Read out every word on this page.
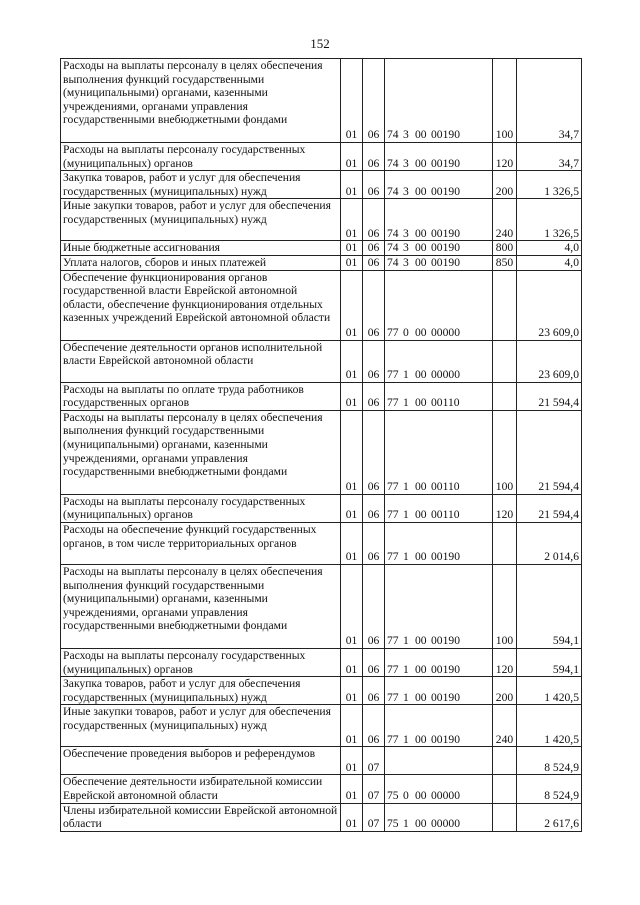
152
Расходы на выплаты персоналу в целях обеспечения выполнения функций государственными (муниципальными) органами, казенными учреждениями, органами управления государственными внебюджетными фондами	01	06	74 3 00 00190	100	34,7
Расходы на выплаты персоналу государственных (муниципальных) органов	01	06	74 3 00 00190	120	34,7
Закупка товаров, работ и услуг для обеспечения государственных (муниципальных) нужд	01	06	74 3 00 00190	200	1 326,5
Иные закупки товаров, работ и услуг для обеспечения государственных (муниципальных) нужд	01	06	74 3 00 00190	240	1 326,5
Иные бюджетные ассигнования	01	06	74 3 00 00190	800	4,0
Уплата налогов, сборов и иных платежей	01	06	74 3 00 00190	850	4,0
Обеспечение функционирования органов государственной власти Еврейской автономной области, обеспечение функционирования отдельных казенных учреждений Еврейской автономной области	01	06	77 0 00 00000		23 609,0
Обеспечение деятельности органов исполнительной власти Еврейской автономной области	01	06	77 1 00 00000		23 609,0
Расходы на выплаты по оплате труда работников государственных органов	01	06	77 1 00 00110		21 594,4
Расходы на выплаты персоналу в целях обеспечения выполнения функций государственными (муниципальными) органами, казенными учреждениями, органами управления государственными внебюджетными фондами	01	06	77 1 00 00110	100	21 594,4
Расходы на выплаты персоналу государственных (муниципальных) органов	01	06	77 1 00 00110	120	21 594,4
Расходы на обеспечение функций государственных органов, в том числе территориальных органов	01	06	77 1 00 00190		2 014,6
Расходы на выплаты персоналу в целях обеспечения выполнения функций государственными (муниципальными) органами, казенными учреждениями, органами управления государственными внебюджетными фондами	01	06	77 1 00 00190	100	594,1
Расходы на выплаты персоналу государственных (муниципальных) органов	01	06	77 1 00 00190	120	594,1
Закупка товаров, работ и услуг для обеспечения государственных (муниципальных) нужд	01	06	77 1 00 00190	200	1 420,5
Иные закупки товаров, работ и услуг для обеспечения государственных (муниципальных) нужд	01	06	77 1 00 00190	240	1 420,5
Обеспечение проведения выборов и референдумов	01	07			8 524,9
Обеспечение деятельности избирательной комиссии Еврейской автономной области	01	07	75 0 00 00000		8 524,9
Члены избирательной комиссии Еврейской автономной области	01	07	75 1 00 00000		2 617,6
